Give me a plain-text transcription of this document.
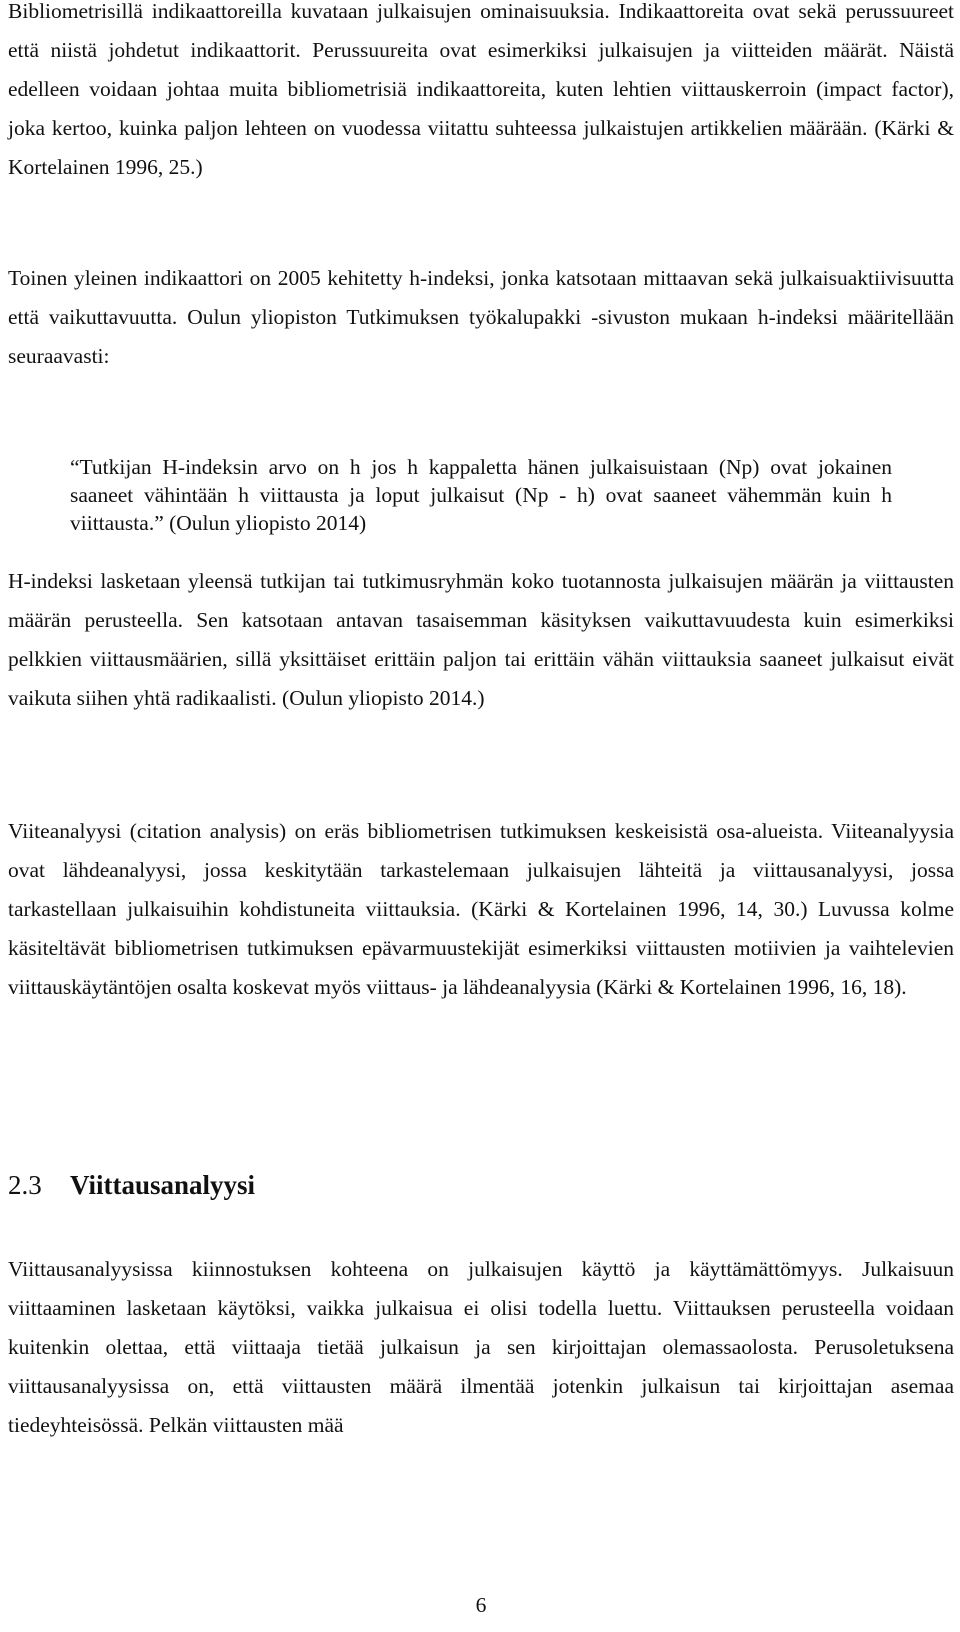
Bibliometrisillä indikaattoreilla kuvataan julkaisujen ominaisuuksia. Indikaattoreita ovat sekä perussuureet että niistä johdetut indikaattorit. Perussuureita ovat esimerkiksi julkaisujen ja viitteiden määrät. Näistä edelleen voidaan johtaa muita bibliometrisiä indikaattoreita, kuten lehtien viittauskerroin (impact factor), joka kertoo, kuinka paljon lehteen on vuodessa viitattu suhteessa julkaistujen artikkelien määrään. (Kärki & Kortelainen 1996, 25.)

Toinen yleinen indikaattori on 2005 kehitetty h-indeksi, jonka katsotaan mittaavan sekä julkaisuaktiivisuutta että vaikuttavuutta. Oulun yliopiston Tutkimuksen työkalupakki -sivuston mukaan h-indeksi määritellään seuraavasti:

“Tutkijan H-indeksin arvo on h jos h kappaletta hänen julkaisuistaan (Np) ovat jokainen saaneet vähintään h viittausta ja loput julkaisut (Np - h) ovat saaneet vähemmän kuin h viittausta.” (Oulun yliopisto 2014)

H-indeksi lasketaan yleensä tutkijan tai tutkimusryhmän koko tuotannosta julkaisujen määrän ja viittausten määrän perusteella. Sen katsotaan antavan tasaisemman käsityksen vaikuttavuudesta kuin esimerkiksi pelkkien viittausmäärien, sillä yksittäiset erittäin paljon tai erittäin vähän viittauksia saaneet julkaisut eivät vaikuta siihen yhtä radikaalisti. (Oulun yliopisto 2014.)

Viiteanalyysi (citation analysis) on eräs bibliometrisen tutkimuksen keskeisistä osa-alueista. Viiteanalyysia ovat lähdeanalyysi, jossa keskitytään tarkastelemaan julkaisujen lähteitä ja viittausanalyysi, jossa tarkastellaan julkaisuihin kohdistuneita viittauksia. (Kärki & Kortelainen 1996, 14, 30.) Luvussa kolme käsiteltävät bibliometrisen tutkimuksen epävarmuustekijät esimerkiksi viittausten motiivien ja vaihtelevien viittauskäytäntöjen osalta koskevat myös viittaus- ja lähdeanalyysia (Kärki & Kortelainen 1996, 16, 18).

2.3 Viittausanalyysi

Viittausanalyysissa kiinnostuksen kohteena on julkaisujen käyttö ja käyttämättömyys. Julkaisuun viittaaminen lasketaan käytöksi, vaikka julkaisua ei olisi todella luettu. Viittauksen perusteella voidaan kuitenkin olettaa, että viittaaja tietää julkaisun ja sen kirjoittajan olemassaolosta. Perusoletuksena viittausanalyysissa on, että viittausten määrä ilmentää jotenkin julkaisun tai kirjoittajan asemaa tiedeyhteisössä. Pelkän viittausten mää

6
